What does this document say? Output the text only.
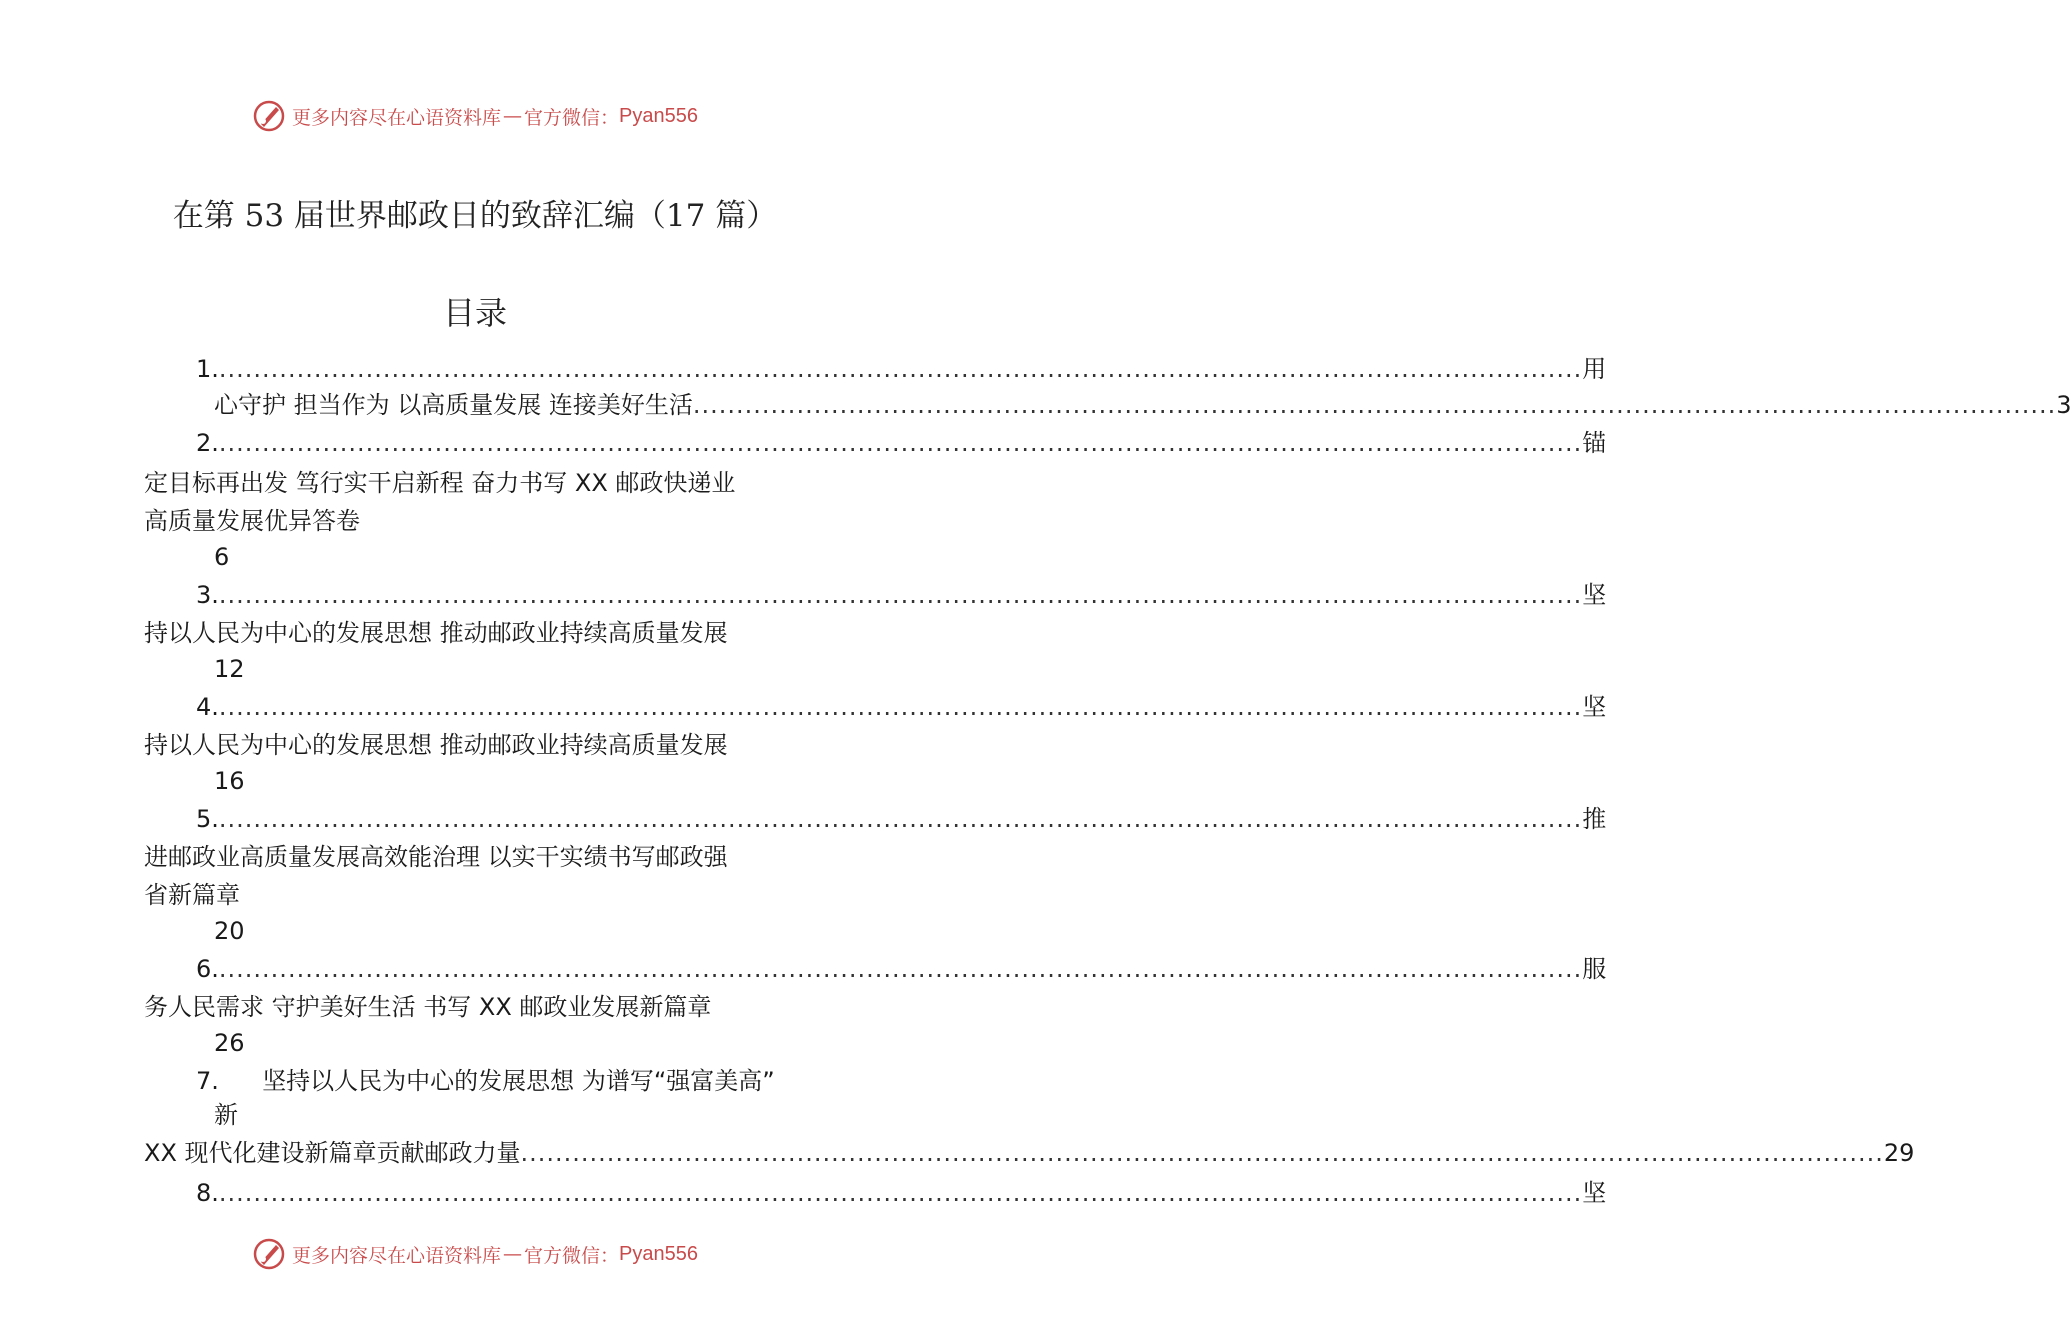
更多内容尽在心语资料库 — 官方微信： Pyan556
在第 53 届世界邮政日的致辞汇编（17 篇）
目录
1. .............................................................................................................................................................. 用
心守护 担当作为 以高质量发展 连接美好生活 .............................................................................................................................................................. 3
2. .............................................................................................................................................................. 锚
定目标再出发 笃行实干启新程 奋力书写 XX 邮政快递业
高质量发展优异答卷
6
3. .............................................................................................................................................................. 坚
持以人民为中心的发展思想 推动邮政业持续高质量发展
12
4. .............................................................................................................................................................. 坚
持以人民为中心的发展思想 推动邮政业持续高质量发展
16
5. .............................................................................................................................................................. 推
进邮政业高质量发展高效能治理 以实干实绩书写邮政强
省新篇章
20
6. .............................................................................................................................................................. 服
务人民需求 守护美好生活 书写 XX 邮政业发展新篇章
26
7. 坚持以人民为中心的发展思想 为谱写“强富美高”
新
XX 现代化建设新篇章贡献邮政力量 .............................................................................................................................................................. 29
8. .............................................................................................................................................................. 坚
更多内容尽在心语资料库 — 官方微信： Pyan556
